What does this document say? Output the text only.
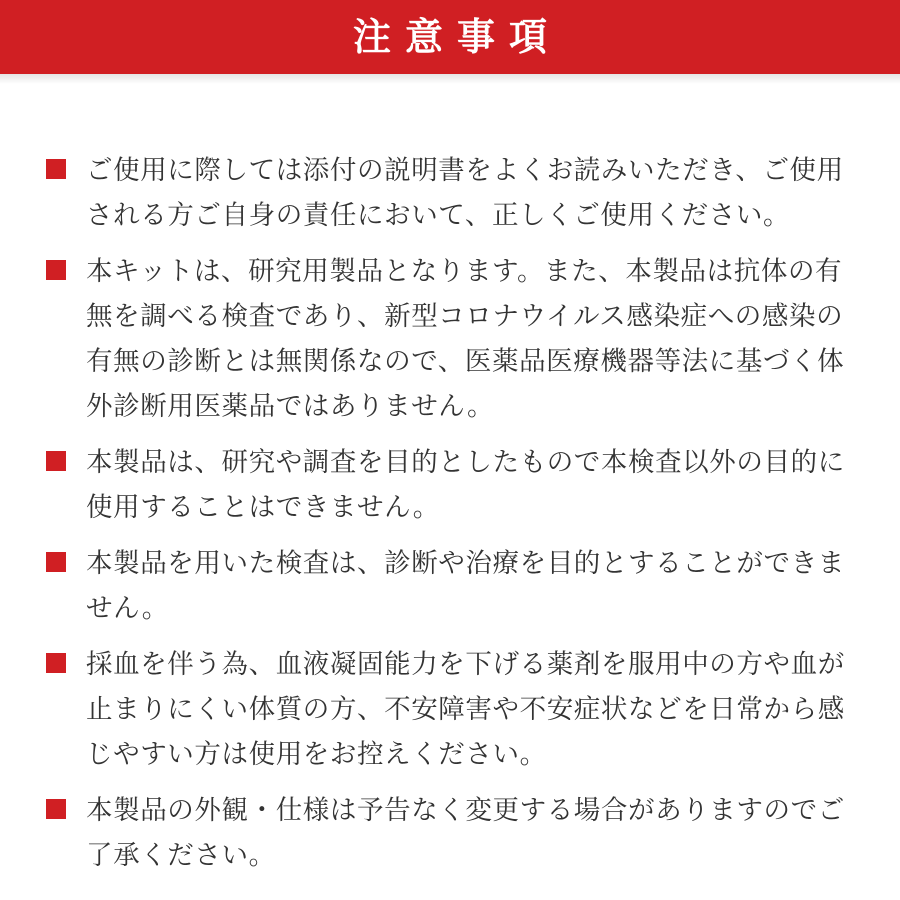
注意事項
ご使用に際しては添付の説明書をよくお読みいただき、ご使用される方ご自身の責任において、正しくご使用ください。
本キットは、研究用製品となります。また、本製品は抗体の有無を調べる検査であり、新型コロナウイルス感染症への感染の有無の診断とは無関係なので、医薬品医療機器等法に基づく体外診断用医薬品ではありません。
本製品は、研究や調査を目的としたもので本検査以外の目的に使用することはできません。
本製品を用いた検査は、診断や治療を目的とすることができません。
採血を伴う為、血液凝固能力を下げる薬剤を服用中の方や血が止まりにくい体質の方、不安障害や不安症状などを日常から感じやすい方は使用をお控えください。
本製品の外観・仕様は予告なく変更する場合がありますのでご了承ください。
